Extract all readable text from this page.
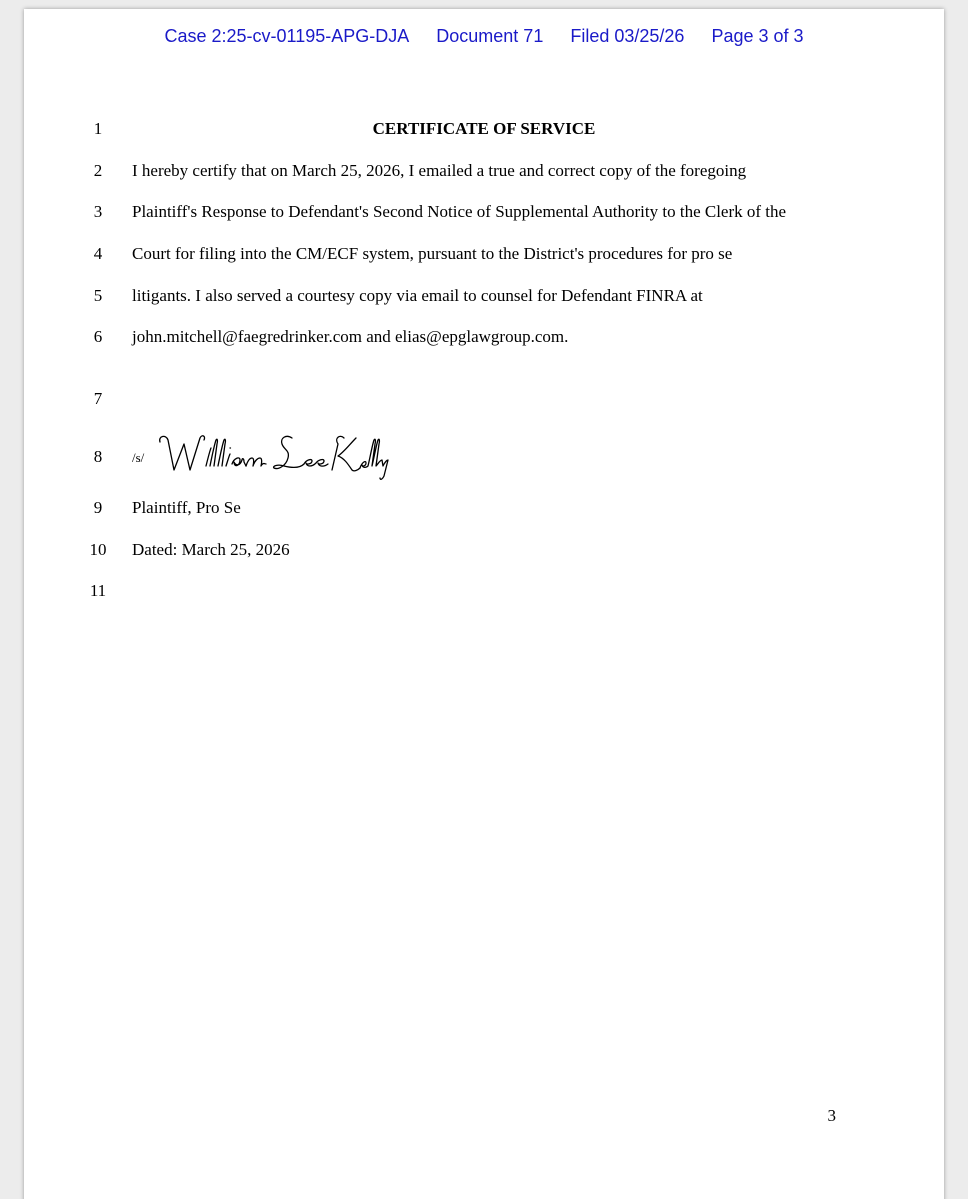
Case 2:25-cv-01195-APG-DJA Document 71 Filed 03/25/26 Page 3 of 3
1
2
3
4
5
6
7
8
9
10
11
CERTIFICATE OF SERVICE
I hereby certify that on March 25, 2026, I emailed a true and correct copy of the foregoing
Plaintiff's Response to Defendant's Second Notice of Supplemental Authority to the Clerk of the
Court for filing into the CM/ECF system, pursuant to the District's procedures for pro se
litigants. I also served a courtesy copy via email to counsel for Defendant FINRA at
john.mitchell@faegredrinker.com and elias@epglawgroup.com.
/s/
Plaintiff, Pro Se
Dated: March 25, 2026
3
